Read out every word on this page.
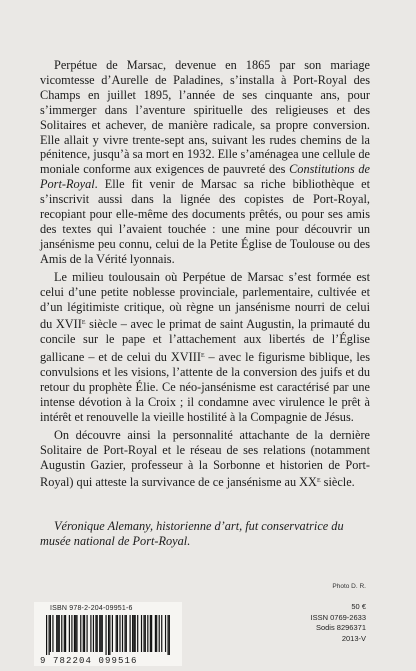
Perpétue de Marsac, devenue en 1865 par son mariage vicomtesse d’Aurelle de Paladines, s’installa à Port-Royal des Champs en juillet 1895, l’année de ses cinquante ans, pour s’immerger dans l’aventure spirituelle des religieuses et des Solitaires et achever, de manière radicale, sa propre conversion. Elle allait y vivre trente-sept ans, suivant les rudes chemins de la pénitence, jusqu’à sa mort en 1932. Elle s’aménagea une cellule de moniale conforme aux exigences de pauvreté des Constitutions de Port-Royal. Elle fit venir de Marsac sa riche bibliothèque et s’inscrivit aussi dans la lignée des copistes de Port-Royal, recopiant pour elle-même des documents prêtés, ou pour ses amis des textes qui l’avaient touchée : une mine pour découvrir un jansénisme peu connu, celui de la Petite Église de Toulouse ou des Amis de la Vérité lyonnais.

Le milieu toulousain où Perpétue de Marsac s’est formée est celui d’une petite noblesse provinciale, parlementaire, cultivée et d’un légitimiste critique, où règne un jansénisme nourri de celui du XVIIe siècle – avec le primat de saint Augustin, la primauté du concile sur le pape et l’attachement aux libertés de l’Église gallicane – et de celui du XVIIIe – avec le figurisme biblique, les convulsions et les visions, l’attente de la conversion des juifs et du retour du prophète Élie. Ce néo-jansénisme est caractérisé par une intense dévotion à la Croix ; il condamne avec virulence le prêt à intérêt et renouvelle la vieille hostilité à la Compagnie de Jésus.

On découvre ainsi la personnalité attachante de la dernière Solitaire de Port-Royal et le réseau de ses relations (notamment Augustin Gazier, professeur à la Sorbonne et historien de Port-Royal) qui atteste la survivance de ce jansénisme au XXe siècle.

Véronique Alemany, historienne d’art, fut conservatrice du musée national de Port-Royal.
Photo D. R.
ISBN 978-2-204-09951-6
9 782204 099516
50 €
ISSN 0769-2633
Sodis 8296371
2013-V
